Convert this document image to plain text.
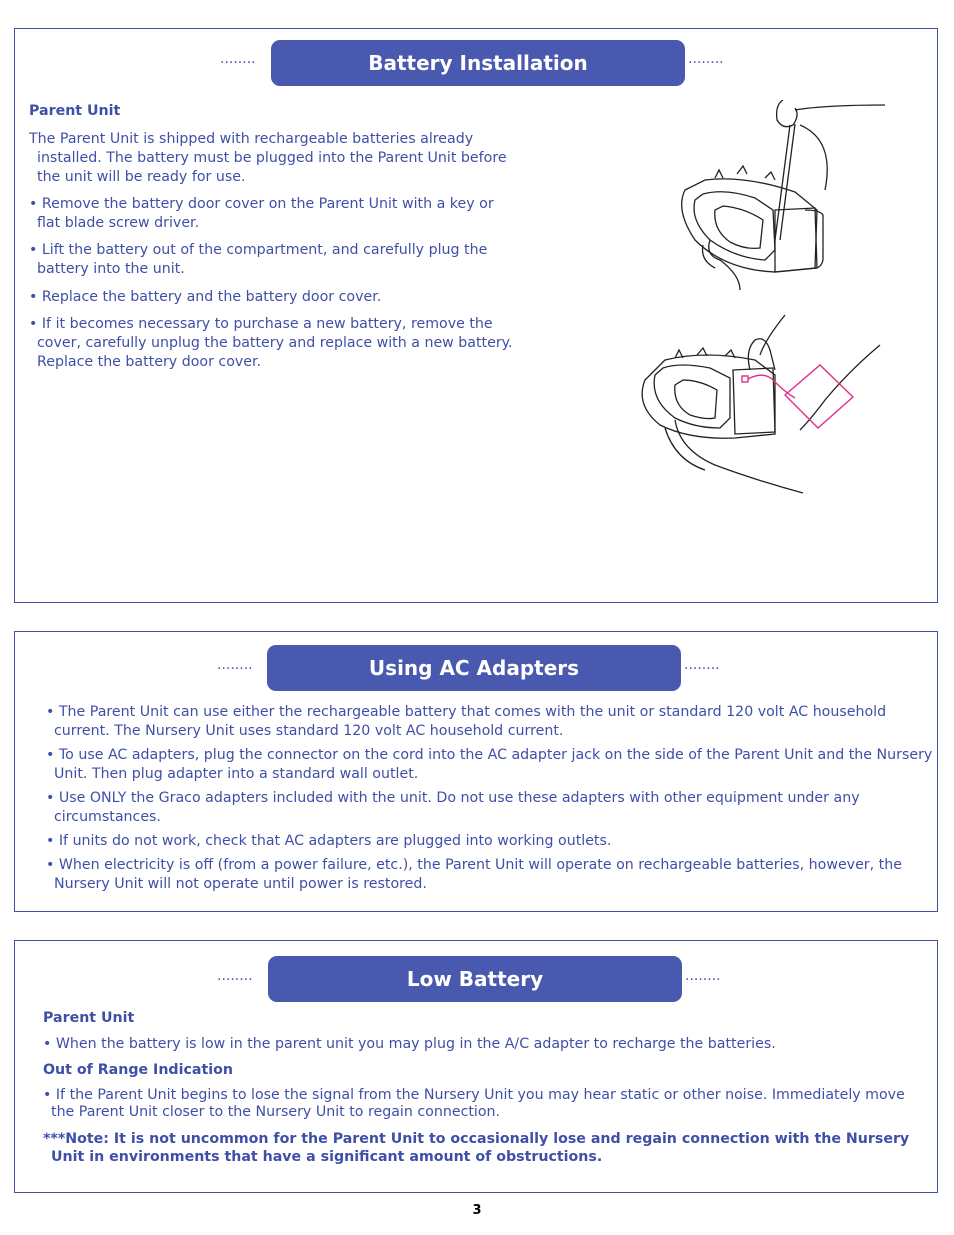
········	Battery Installation	········
Parent Unit

The Parent Unit is shipped with rechargeable batteries already installed. The battery must be plugged into the Parent Unit before the unit will be ready for use.

• Remove the battery door cover on the Parent Unit with a key or flat blade screw driver.

• Lift the battery out of the compartment, and carefully plug the battery into the unit.

• Replace the battery and the battery door cover.

• If it becomes necessary to purchase a new battery, remove the cover, carefully unplug the battery and replace with a new battery. Replace the battery door cover.

········	Using AC Adapters	········

• The Parent Unit can use either the rechargeable battery that comes with the unit or standard 120 volt AC household current. The Nursery Unit uses standard 120 volt AC household current.

• To use AC adapters, plug the connector on the cord into the AC adapter jack on the side of the Parent Unit and the Nursery Unit. Then plug adapter into a standard wall outlet.

• Use ONLY the Graco adapters included with the unit. Do not use these adapters with other equipment under any circumstances.

• If units do not work, check that AC adapters are plugged into working outlets.

• When electricity is off (from a power failure, etc.), the Parent Unit will operate on rechargeable batteries, however, the Nursery Unit will not operate until power is restored.

········	Low Battery	········
Parent Unit

• When the battery is low in the parent unit you may plug in the A/C adapter to recharge the batteries.

Out of Range Indication

• If the Parent Unit begins to lose the signal from the Nursery Unit you may hear static or other noise. Immediately move the Parent Unit closer to the Nursery Unit to regain connection.

***Note: It is not uncommon for the Parent Unit to occasionally lose and regain connection with the Nursery Unit in environments that have a significant amount of obstructions.

3
